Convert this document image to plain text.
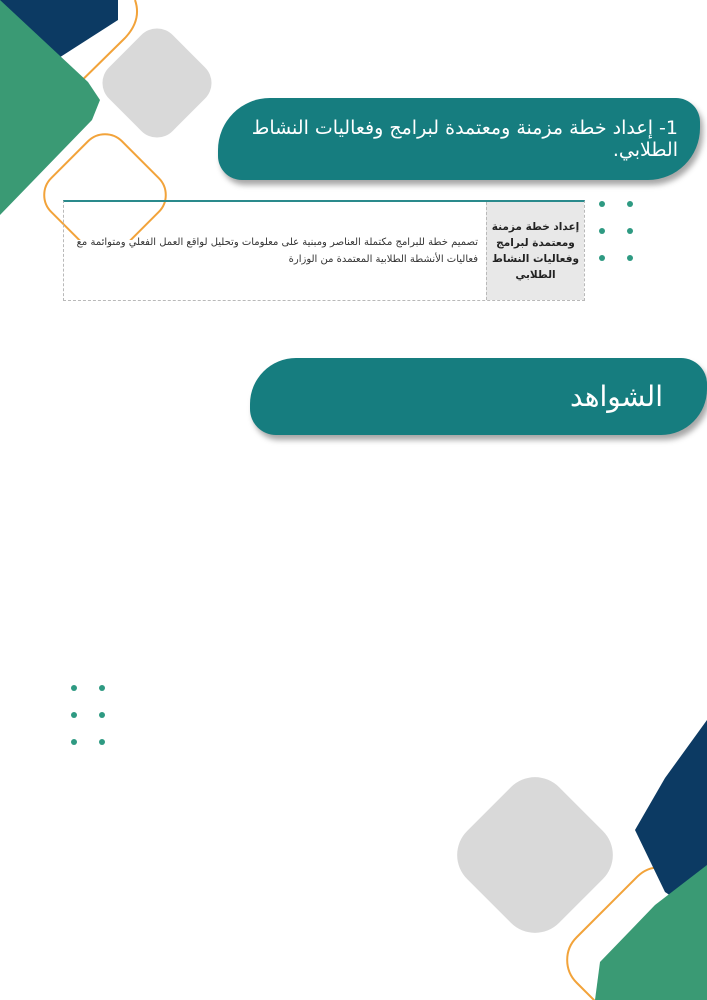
1- إعداد خطة مزمنة ومعتمدة لبرامج وفعاليات النشاط الطلابي.
إعداد خطة مزمنة ومعتمدة لبرامج وفعاليات النشاط الطلابي
تصميم خطة للبرامج مكتملة العناصر ومبنية على معلومات وتحليل لواقع العمل الفعلي ومتوائمة مع فعاليات الأنشطة الطلابية المعتمدة من الوزارة
الشواهد
